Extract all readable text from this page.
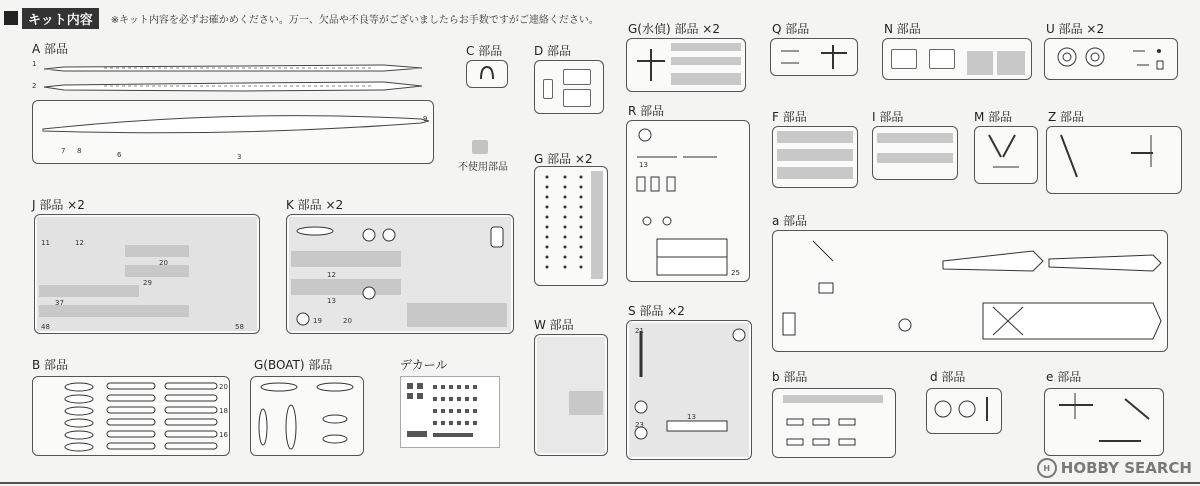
キット内容	※キット内容を必ずお確かめください。万一、欠品や不良等がございましたらお手数ですがご連絡ください。
A 部品
1
2
9
3
7 8	6
C 部品
不使用部品
D 部品
G(水偵) 部品 ×2	Q 部品	N 部品	U 部品 ×2
R 部品
25
13
G 部品 ×2
F 部品	I 部品	M 部品	Z 部品
J 部品 ×2
11	12
20
29
37
48	58
K 部品 ×2
12
13
19	20
a 部品
S 部品 ×2
21
23
13
W 部品
B 部品
20
18
16
G(BOAT) 部品	デカール
b 部品	d 部品	e 部品
H HOBBY SEARCH
